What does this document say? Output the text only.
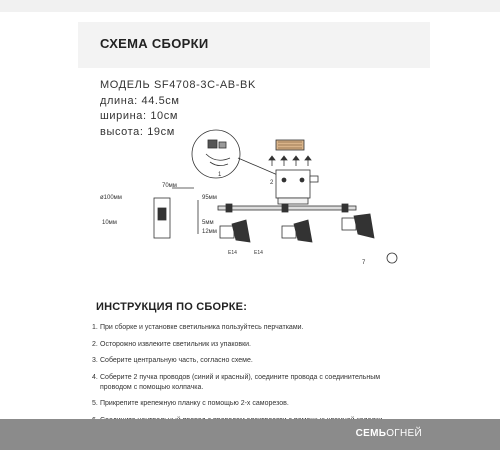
СХЕМА СБОРКИ
МОДЕЛЬ SF4708-3C-AB-BK
длина: 44.5см
ширина: 10см
высота: 19см
1
2
E14	E14
7
70мм
ø100мм	95мм
10мм	5мм
12мм
ИНСТРУКЦИЯ ПО СБОРКЕ:
1. При сборке и установке светильника пользуйтесь перчатками.
2. Осторожно извлеките светильник из упаковки.
3. Соберите центральную часть, согласно схеме.
4. Соберите 2 пучка проводов (синий и красный), соедините провода с соединительным
проводом с помощью колпачка.
5. Прикрепите крепежную планку с помощью 2-х саморезов.
СЕМЬОГНЕЙ
